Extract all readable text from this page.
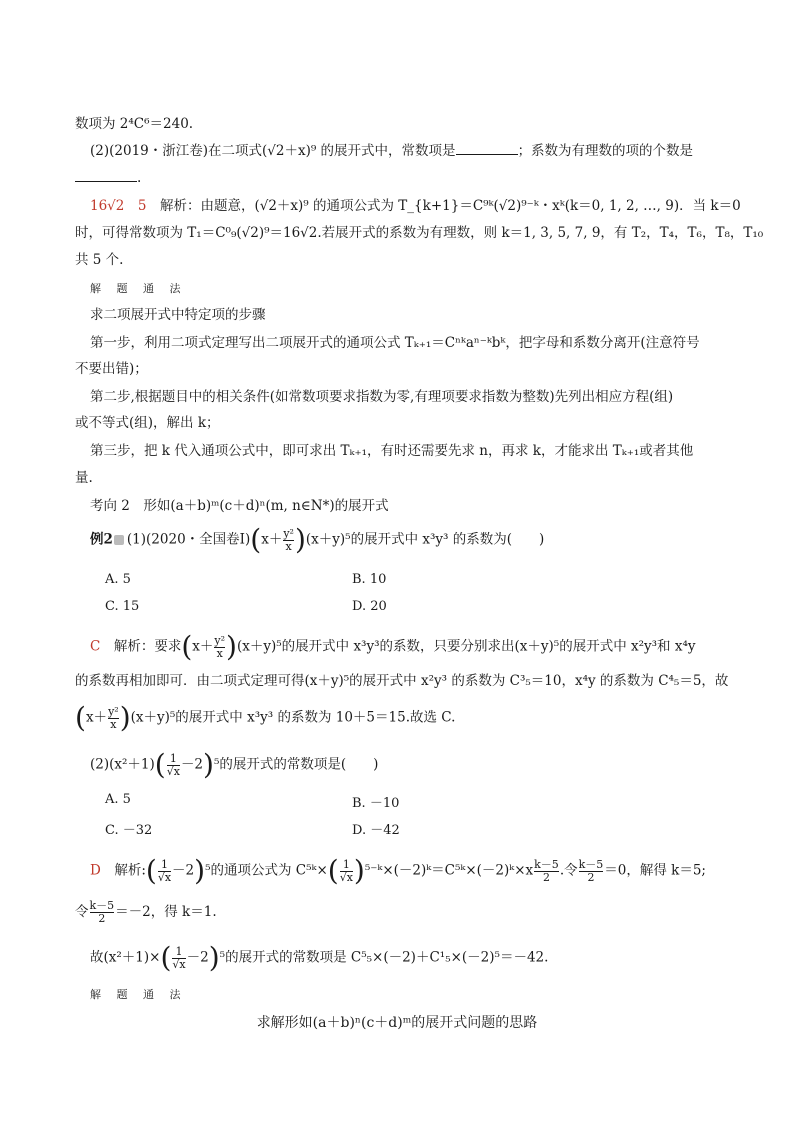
数项为 2⁴C⁶＝240.
(2)(2019・浙江卷)在二项式(√2＋x)⁹ 的展开式中，常数项是	；系数为有理数的项的个数是
.
16√2　5　解析：由题意，(√2＋x)⁹ 的通项公式为 T_{k+1}＝C⁹ᵏ(√2)⁹⁻ᵏ・xᵏ(k＝0, 1, 2, …, 9)．当 k＝0
时，可得常数项为 T₁＝C⁰₉(√2)⁹＝16√2.若展开式的系数为有理数，则 k＝1, 3, 5, 7, 9，有 T₂，T₄，T₆，T₈，T₁₀
共 5 个.
解 题 通 法
求二项展开式中特定项的步骤
第一步，利用二项式定理写出二项展开式的通项公式 Tₖ₊₁＝Cⁿᵏaⁿ⁻ᵏbᵏ，把字母和系数分离开(注意符号
不要出错)；
第二步,根据题目中的相关条件(如常数项要求指数为零,有理项要求指数为整数)先列出相应方程(组)
或不等式(组)，解出 k；
第三步，把 k 代入通项公式中，即可求出 Tₖ₊₁，有时还需要先求 n，再求 k，才能求出 Tₖ₊₁或者其他
量.
考向 2　形如(a＋b)ᵐ(c＋d)ⁿ(m, n∈N*)的展开式
例2 (1)(2020・全国卷Ⅰ)(x＋ $\frac{\text{y²}}{x} )(x+y)^5$的展开式中 x³y³ 的系数为(　　)
A. 5	B. 10
C. 15	D. 20
C　解析：要求$(x+ \frac{\text{y²}}{x} )(x+y)^5$的展开式中 x³y³的系数，只要分别求出(x＋y)⁵的展开式中 x²y³和 x⁴y
的系数再相加即可．由二项式定理可得(x＋y)⁵的展开式中 x²y³ 的系数为 C³₅＝10，x⁴y 的系数为 C⁴₅＝5，故
$(x+ \frac{\text{y²}}{x} )(x+y)^5$的展开式中 x³y³ 的系数为 10＋5＝15.故选 C.
$(2)(x^2+1)( \frac{1}{√x} -2)^5$的展开式的常数项是(　　)
A. 5	B. －10
C. －32	D. －42
D　解析:( $\frac{1}{√x} -2)^5$的通项公式为 C⁵ᵏ×( $\frac{1}{√x}$ )⁵⁻ᵏ×(－2)ᵏ＝C⁵ᵏ×(－2)ᵏ×x $\frac{k-5}{2}$ .令 $\frac{k-5}{2} =0$，解得 k＝5;
令 $\frac{k-5}{2} =-2$，得 k＝1.
故$(x^2+1)\times( \frac{1}{√x} -2)^5$的展开式的常数项是 C⁵₅×(－2)＋C¹₅×(－2)⁵＝－42.
解 题 通 法
求解形如(a＋b)ⁿ(c＋d)ᵐ的展开式问题的思路
